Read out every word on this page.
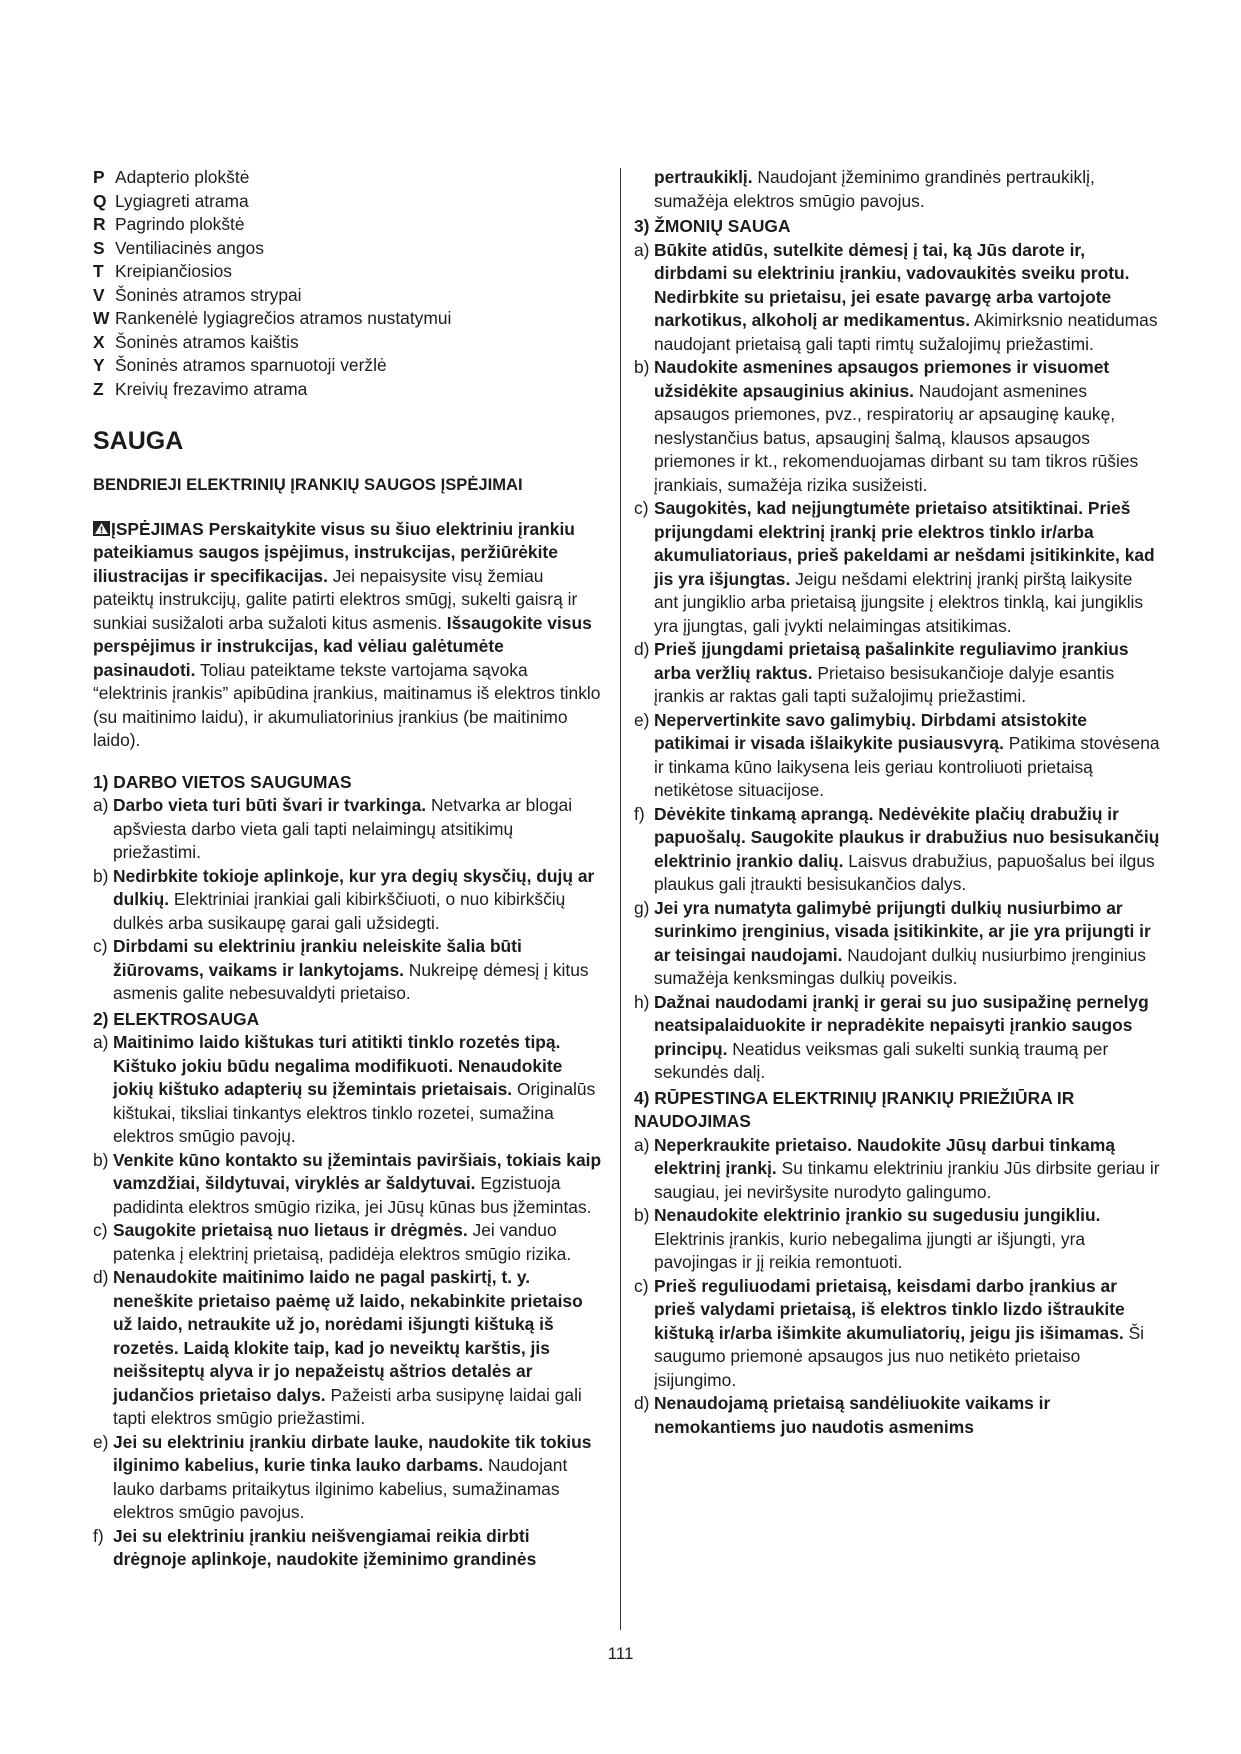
P Adapterio plokštė
Q Lygiagreti atrama
R Pagrindo plokštė
S Ventiliacinės angos
T Kreipiančiosios
V Šoninės atramos strypai
W Rankenėlė lygiagrečios atramos nustatymui
X Šoninės atramos kaištis
Y Šoninės atramos sparnuotoji veržlė
Z Kreivių frezavimo atrama
SAUGA
BENDRIEJI ELEKTRINIŲ ĮRANKIŲ SAUGOS ĮSPĖJIMAI

ĮSPĖJIMAS Perskaitykite visus su šiuo elektriniu įrankiu pateikiamus saugos įspėjimus, instrukcijas, peržiūrėkite iliustracijas ir specifikacijas. Jei nepaisysite visų žemiau pateiktų instrukcijų, galite patirti elektros smūgį, sukelti gaisrą ir sunkiai susižaloti arba sužaloti kitus asmenis. Išsaugokite visus perspėjimus ir instrukcijas, kad vėliau galėtumėte pasinaudoti. Toliau pateiktame tekste vartojama sąvoka “elektrinis įrankis” apibūdina įrankius, maitinamus iš elektros tinklo (su maitinimo laidu), ir akumuliatorinius įrankius (be maitinimo laido).

1) DARBO VIETOS SAUGUMAS
a) Darbo vieta turi būti švari ir tvarkinga. Netvarka ar blogai apšviesta darbo vieta gali tapti nelaimingų atsitikimų priežastimi.
b) Nedirbkite tokioje aplinkoje, kur yra degių skysčių, dujų ar dulkių. Elektriniai įrankiai gali kibirkščiuoti, o nuo kibirkščių dulkės arba susikaupę garai gali užsidegti.
c) Dirbdami su elektriniu įrankiu neleiskite šalia būti žiūrovams, vaikams ir lankytojams. Nukreipę dėmesį į kitus asmenis galite nebesuvaldyti prietaiso.
2) ELEKTROSAUGA
a) Maitinimo laido kištukas turi atitikti tinklo rozetės tipą. Kištuko jokiu būdu negalima modifikuoti. Nenaudokite jokių kištuko adapterių su įžemintais prietaisais. Originalūs kištukai, tiksliai tinkantys elektros tinklo rozetei, sumažina elektros smūgio pavojų.
b) Venkite kūno kontakto su įžemintais paviršiais, tokiais kaip vamzdžiai, šildytuvai, viryklės ar šaldytuvai. Egzistuoja padidinta elektros smūgio rizika, jei Jūsų kūnas bus įžemintas.
c) Saugokite prietaisą nuo lietaus ir drėgmės. Jei vanduo patenka į elektrinį prietaisą, padidėja elektros smūgio rizika.
d) Nenaudokite maitinimo laido ne pagal paskirtį, t. y. neneškite prietaiso paėmę už laido, nekabinkite prietaiso už laido, netraukite už jo, norėdami išjungti kištuką iš rozetės. Laidą klokite taip, kad jo neveiktų karštis, jis neišsiteptų alyva ir jo nepažeistų aštrios detalės ar judančios prietaiso dalys. Pažeisti arba susipynę laidai gali tapti elektros smūgio priežastimi.
e) Jei su elektriniu įrankiu dirbate lauke, naudokite tik tokius ilginimo kabelius, kurie tinka lauko darbams. Naudojant lauko darbams pritaikytus ilginimo kabelius, sumažinamas elektros smūgio pavojus.
f) Jei su elektriniu įrankiu neišvengiamai reikia dirbti drėgnoje aplinkoje, naudokite įžeminimo grandinės
pertraukiklį. Naudojant įžeminimo grandinės pertraukiklį, sumažėja elektros smūgio pavojus.
3) ŽMONIŲ SAUGA
a) Būkite atidūs, sutelkite dėmesį į tai, ką Jūs darote ir, dirbdami su elektriniu įrankiu, vadovaukitės sveiku protu. Nedirbkite su prietaisu, jei esate pavargę arba vartojote narkotikus, alkoholį ar medikamentus. Akimirksnio neatidumas naudojant prietaisą gali tapti rimtų sužalojimų priežastimi.
b) Naudokite asmenines apsaugos priemones ir visuomet užsidėkite apsauginius akinius. Naudojant asmenines apsaugos priemones, pvz., respiratorių ar apsauginę kaukę, neslystančius batus, apsauginį šalmą, klausos apsaugos priemones ir kt., rekomenduojamas dirbant su tam tikros rūšies įrankiais, sumažėja rizika susižeisti.
c) Saugokitės, kad neįjungtumėte prietaiso atsitiktinai. Prieš prijungdami elektrinį įrankį prie elektros tinklo ir/arba akumuliatoriaus, prieš pakeldami ar nešdami įsitikinkite, kad jis yra išjungtas. Jeigu nešdami elektrinį įrankį pirštą laikysite ant jungiklio arba prietaisą įjungsite į elektros tinklą, kai jungiklis yra įjungtas, gali įvykti nelaimingas atsitikimas.
d) Prieš įjungdami prietaisą pašalinkite reguliavimo įrankius arba veržlių raktus. Prietaiso besisukančioje dalyje esantis įrankis ar raktas gali tapti sužalojimų priežastimi.
e) Nepervertinkite savo galimybių. Dirbdami atsistokite patikimai ir visada išlaikykite pusiausvyrą. Patikima stovėsena ir tinkama kūno laikysena leis geriau kontroliuoti prietaisą netikėtose situacijose.
f) Dėvėkite tinkamą aprangą. Nedėvėkite plačių drabužių ir papuošalų. Saugokite plaukus ir drabužius nuo besisukančių elektrinio įrankio dalių. Laisvus drabužius, papuošalus bei ilgus plaukus gali įtraukti besisukančios dalys.
g) Jei yra numatyta galimybė prijungti dulkių nusiurbimo ar surinkimo įrenginius, visada įsitikinkite, ar jie yra prijungti ir ar teisingai naudojami. Naudojant dulkių nusiurbimo įrenginius sumažėja kenksmingas dulkių poveikis.
h) Dažnai naudodami įrankį ir gerai su juo susipažinę pernelyg neatsipalaiduokite ir nepradėkite nepaisyti įrankio saugos principų. Neatidus veiksmas gali sukelti sunkią traumą per sekundės dalį.
4) RŪPESTINGA ELEKTRINIŲ ĮRANKIŲ PRIEŽIŪRA IR NAUDOJIMAS
a) Neperkraukite prietaiso. Naudokite Jūsų darbui tinkamą elektrinį įrankį. Su tinkamu elektriniu įrankiu Jūs dirbsite geriau ir saugiau, jei neviršysite nurodyto galingumo.
b) Nenaudokite elektrinio įrankio su sugedusiu jungikliu. Elektrinis įrankis, kurio nebegalima įjungti ar išjungti, yra pavojingas ir jį reikia remontuoti.
c) Prieš reguliuodami prietaisą, keisdami darbo įrankius ar prieš valydami prietaisą, iš elektros tinklo lizdo ištraukite kištuką ir/arba išimkite akumuliatorių, jeigu jis išimamas. Ši saugumo priemonė apsaugos jus nuo netikėto prietaiso įsijungimo.
d) Nenaudojamą prietaisą sandėliuokite vaikams ir nemokantiems juo naudotis asmenims
111
